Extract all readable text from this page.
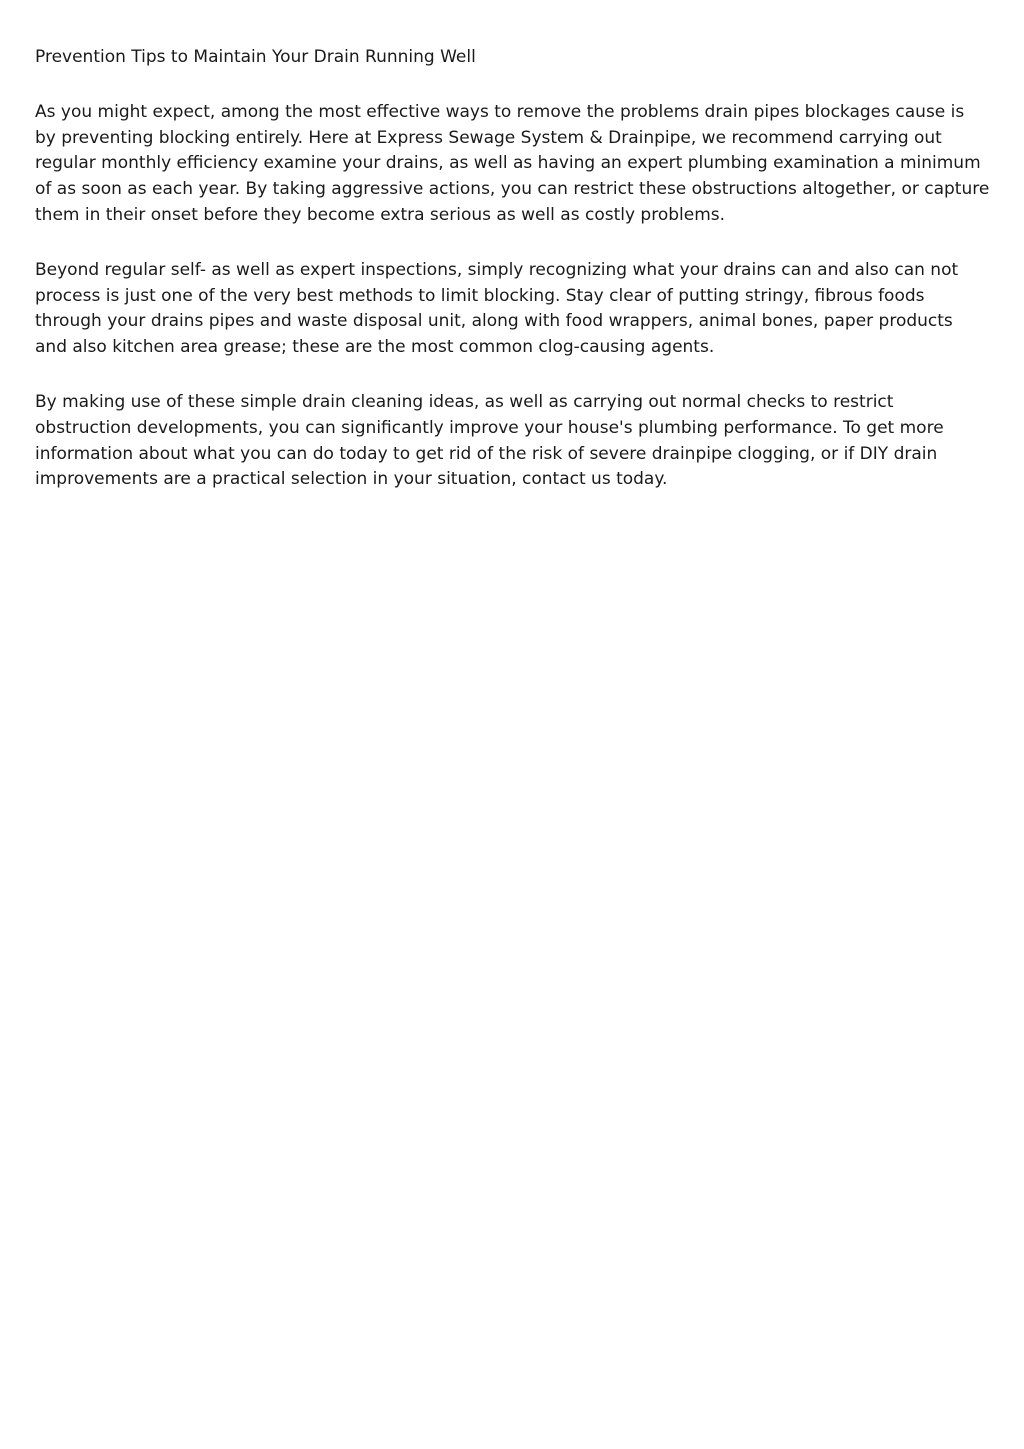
Prevention Tips to Maintain Your Drain Running Well

As you might expect, among the most effective ways to remove the problems drain pipes blockages cause is by preventing blocking entirely. Here at Express Sewage System & Drainpipe, we recommend carrying out regular monthly efficiency examine your drains, as well as having an expert plumbing examination a minimum of as soon as each year. By taking aggressive actions, you can restrict these obstructions altogether, or capture them in their onset before they become extra serious as well as costly problems.

Beyond regular self- as well as expert inspections, simply recognizing what your drains can and also can not process is just one of the very best methods to limit blocking. Stay clear of putting stringy, fibrous foods through your drains pipes and waste disposal unit, along with food wrappers, animal bones, paper products and also kitchen area grease; these are the most common clog-causing agents.

By making use of these simple drain cleaning ideas, as well as carrying out normal checks to restrict obstruction developments, you can significantly improve your house's plumbing performance. To get more information about what you can do today to get rid of the risk of severe drainpipe clogging, or if DIY drain improvements are a practical selection in your situation, contact us today.
